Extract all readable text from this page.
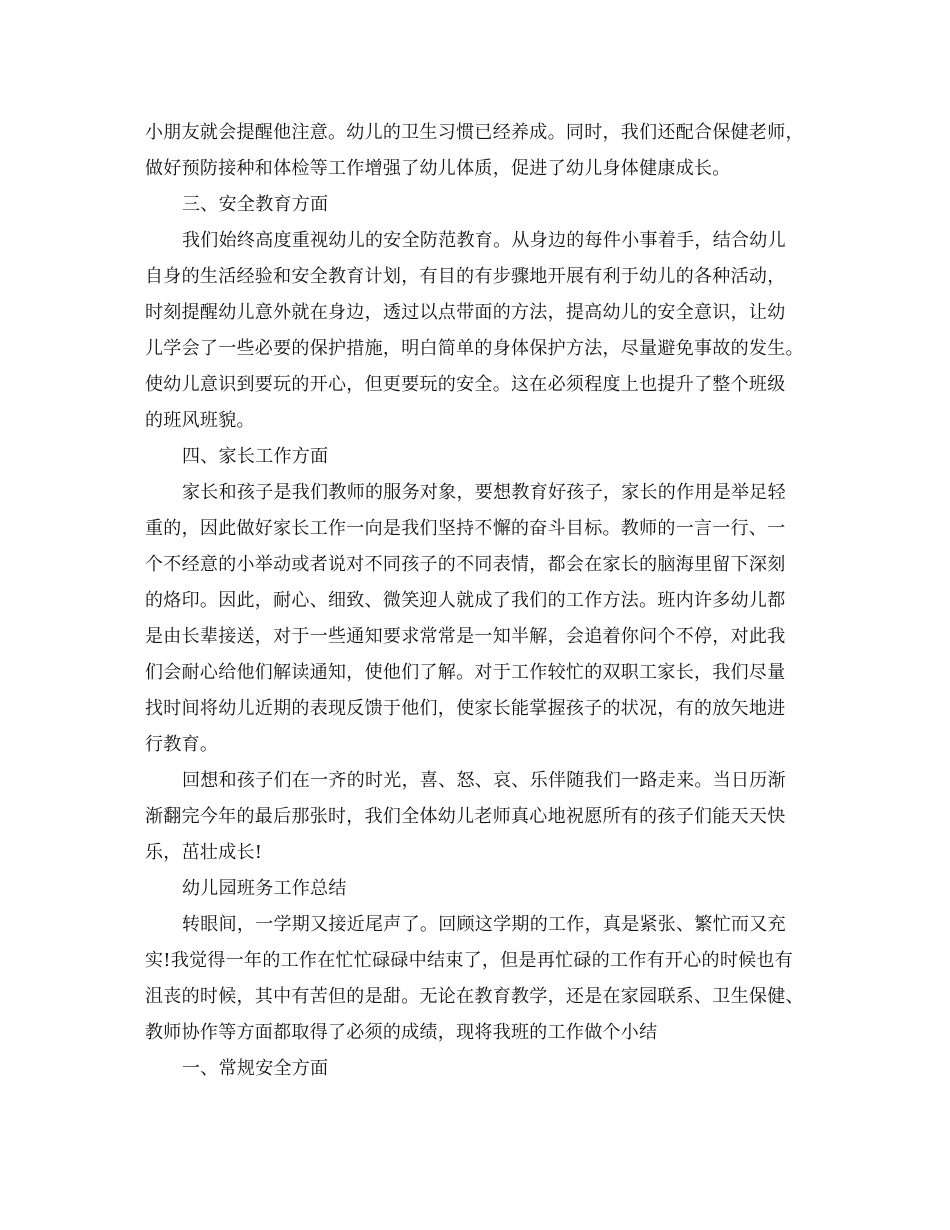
小朋友就会提醒他注意。幼儿的卫生习惯已经养成。同时，我们还配合保健老师，
做好预防接种和体检等工作增强了幼儿体质，促进了幼儿身体健康成长。
三、安全教育方面
我们始终高度重视幼儿的安全防范教育。从身边的每件小事着手，结合幼儿
自身的生活经验和安全教育计划，有目的有步骤地开展有利于幼儿的各种活动，
时刻提醒幼儿意外就在身边，透过以点带面的方法，提高幼儿的安全意识，让幼
儿学会了一些必要的保护措施，明白简单的身体保护方法，尽量避免事故的发生。
使幼儿意识到要玩的开心，但更要玩的安全。这在必须程度上也提升了整个班级
的班风班貌。
四、家长工作方面
家长和孩子是我们教师的服务对象，要想教育好孩子，家长的作用是举足轻
重的，因此做好家长工作一向是我们坚持不懈的奋斗目标。教师的一言一行、一
个不经意的小举动或者说对不同孩子的不同表情，都会在家长的脑海里留下深刻
的烙印。因此，耐心、细致、微笑迎人就成了我们的工作方法。班内许多幼儿都
是由长辈接送，对于一些通知要求常常是一知半解，会追着你问个不停，对此我
们会耐心给他们解读通知，使他们了解。对于工作较忙的双职工家长，我们尽量
找时间将幼儿近期的表现反馈于他们，使家长能掌握孩子的状况，有的放矢地进
行教育。
回想和孩子们在一齐的时光，喜、怒、哀、乐伴随我们一路走来。当日历渐
渐翻完今年的最后那张时，我们全体幼儿老师真心地祝愿所有的孩子们能天天快
乐，茁壮成长!
幼儿园班务工作总结
转眼间，一学期又接近尾声了。回顾这学期的工作，真是紧张、繁忙而又充
实!我觉得一年的工作在忙忙碌碌中结束了，但是再忙碌的工作有开心的时候也有
沮丧的时候，其中有苦但的是甜。无论在教育教学，还是在家园联系、卫生保健、
教师协作等方面都取得了必须的成绩，现将我班的工作做个小结
一、常规安全方面
